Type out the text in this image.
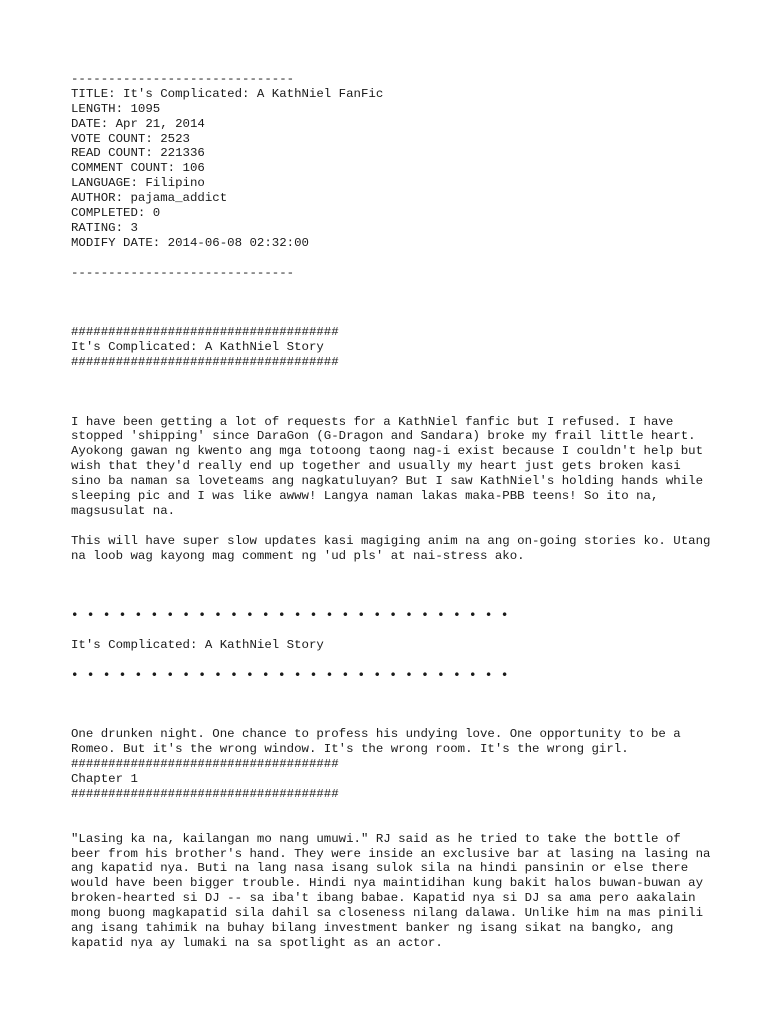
------------------------------
TITLE: It's Complicated: A KathNiel FanFic
LENGTH: 1095
DATE: Apr 21, 2014
VOTE COUNT: 2523
READ COUNT: 221336
COMMENT COUNT: 106
LANGUAGE: Filipino
AUTHOR: pajama_addict
COMPLETED: 0
RATING: 3
MODIFY DATE: 2014-06-08 02:32:00
------------------------------
####################################
It's Complicated: A KathNiel Story
####################################
I have been getting a lot of requests for a KathNiel fanfic but I refused. I have stopped 'shipping' since DaraGon (G-Dragon and Sandara) broke my frail little heart. Ayokong gawan ng kwento ang mga totoong taong nag-i exist because I couldn't help but wish that they'd really end up together and usually my heart just gets broken kasi sino ba naman sa loveteams ang nagkatuluyan? But I saw KathNiel's holding hands while sleeping pic and I was like awww! Langya naman lakas maka-PBB teens! So ito na, magsusulat na.
This will have super slow updates kasi magiging anim na ang on-going stories ko. Utang na loob wag kayong mag comment ng 'ud pls' at nai-stress ako.
• • • • • • • • • • • • • • • • • • • • • • • • • • • •
It's Complicated: A KathNiel Story
• • • • • • • • • • • • • • • • • • • • • • • • • • • •
One drunken night. One chance to profess his undying love. One opportunity to be a Romeo. But it's the wrong window. It's the wrong room. It's the wrong girl.
####################################
Chapter 1
####################################
"Lasing ka na, kailangan mo nang umuwi." RJ said as he tried to take the bottle of beer from his brother's hand. They were inside an exclusive bar at lasing na lasing na ang kapatid nya. Buti na lang nasa isang sulok sila na hindi pansinin or else there would have been bigger trouble. Hindi nya maintidihan kung bakit halos buwan-buwan ay broken-hearted si DJ -- sa iba't ibang babae. Kapatid nya si DJ sa ama pero aakalain mong buong magkapatid sila dahil sa closeness nilang dalawa. Unlike him na mas pinili ang isang tahimik na buhay bilang investment banker ng isang sikat na bangko, ang kapatid nya ay lumaki na sa spotlight as an actor.
